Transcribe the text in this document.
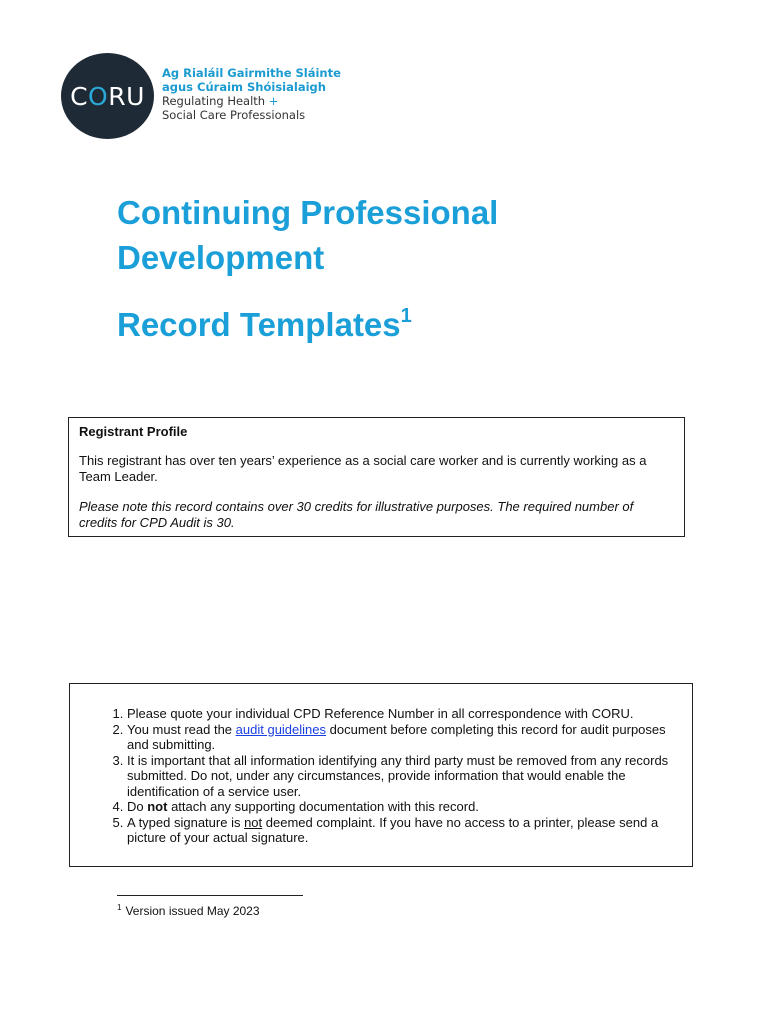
CORU
Ag Rialáil Gairmithe Sláinte
agus Cúraim Shóisialaigh
Regulating Health +
Social Care Professionals
Continuing Professional
Development
Record Templates$^1$

Registrant Profile

This registrant has over ten years’ experience as a social care worker and is currently working as a Team Leader.

Please note this record contains over 30 credits for illustrative purposes. The required number of credits for CPD Audit is 30.

1. Please quote your individual CPD Reference Number in all correspondence with CORU.
2. You must read the audit guidelines document before completing this record for audit purposes and submitting.
3. It is important that all information identifying any third party must be removed from any records submitted. Do not, under any circumstances, provide information that would enable the identification of a service user.
4. Do not attach any supporting documentation with this record.
5. A typed signature is not deemed complaint. If you have no access to a printer, please send a picture of your actual signature.
$^1$ Version issued May 2023
